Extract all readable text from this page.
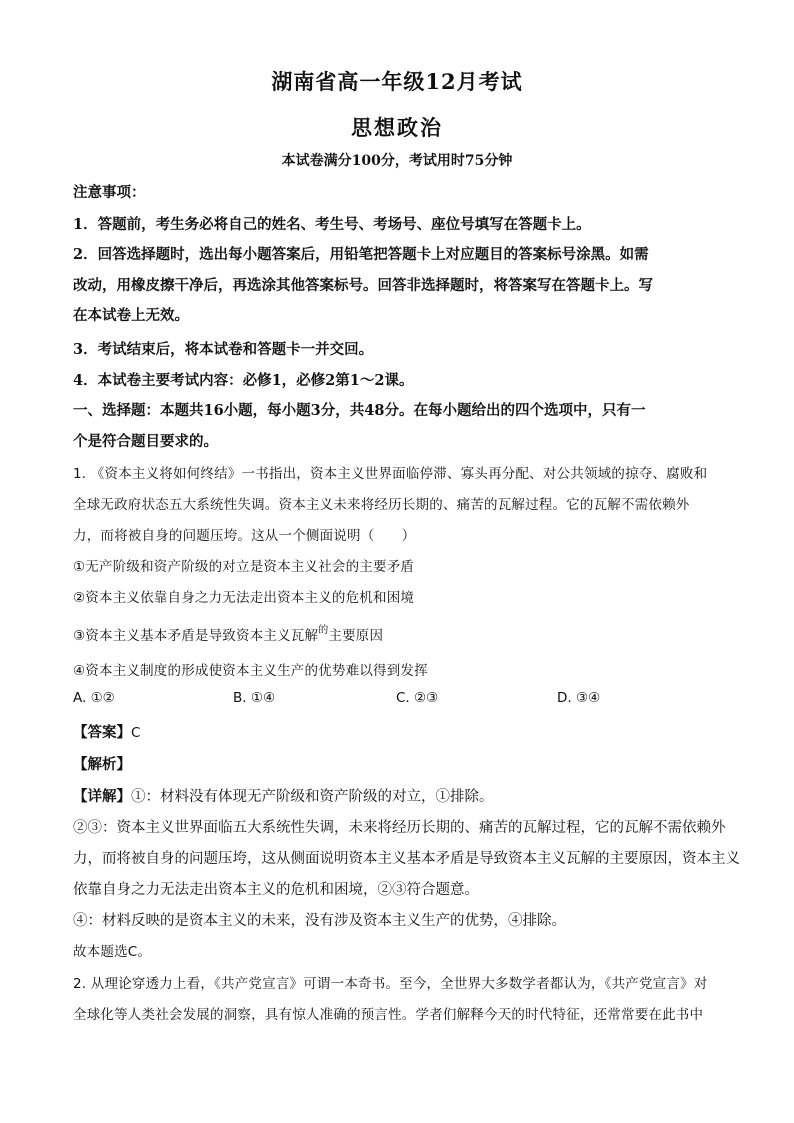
湖南省高一年级12月考试
思想政治
本试卷满分100分，考试用时75分钟
注意事项：
1．答题前，考生务必将自己的姓名、考生号、考场号、座位号填写在答题卡上。
2．回答选择题时，选出每小题答案后，用铅笔把答题卡上对应题目的答案标号涂黑。如需
改动，用橡皮擦干净后，再选涂其他答案标号。回答非选择题时，将答案写在答题卡上。写
在本试卷上无效。
3．考试结束后，将本试卷和答题卡一并交回。
4．本试卷主要考试内容：必修1，必修2第1～2课。
一、选择题：本题共16小题，每小题3分，共48分。在每小题给出的四个选项中，只有一
个是符合题目要求的。
1. 《资本主义将如何终结》一书指出，资本主义世界面临停滞、寡头再分配、对公共领域的掠夺、腐败和
全球无政府状态五大系统性失调。资本主义未来将经历长期的、痛苦的瓦解过程。它的瓦解不需依赖外
力，而将被自身的问题压垮。这从一个侧面说明（　　）
①无产阶级和资产阶级的对立是资本主义社会的主要矛盾
②资本主义依靠自身之力无法走出资本主义的危机和困境
③资本主义基本矛盾是导致资本主义瓦解$^的$主要原因
④资本主义制度的形成使资本主义生产的优势难以得到发挥
A. ①②	B. ①④	C. ②③	D. ③④
【答案】C
【解析】
【详解】①：材料没有体现无产阶级和资产阶级的对立，①排除。
②③：资本主义世界面临五大系统性失调，未来将经历长期的、痛苦的瓦解过程，它的瓦解不需依赖外
力，而将被自身的问题压垮，这从侧面说明资本主义基本矛盾是导致资本主义瓦解的主要原因，资本主义
依靠自身之力无法走出资本主义的危机和困境，②③符合题意。
④：材料反映的是资本主义的未来，没有涉及资本主义生产的优势，④排除。
故本题选C。
2. 从理论穿透力上看，《共产党宣言》可谓一本奇书。至今，全世界大多数学者都认为，《共产党宣言》对
全球化等人类社会发展的洞察，具有惊人准确的预言性。学者们解释今天的时代特征，还常常要在此书中
